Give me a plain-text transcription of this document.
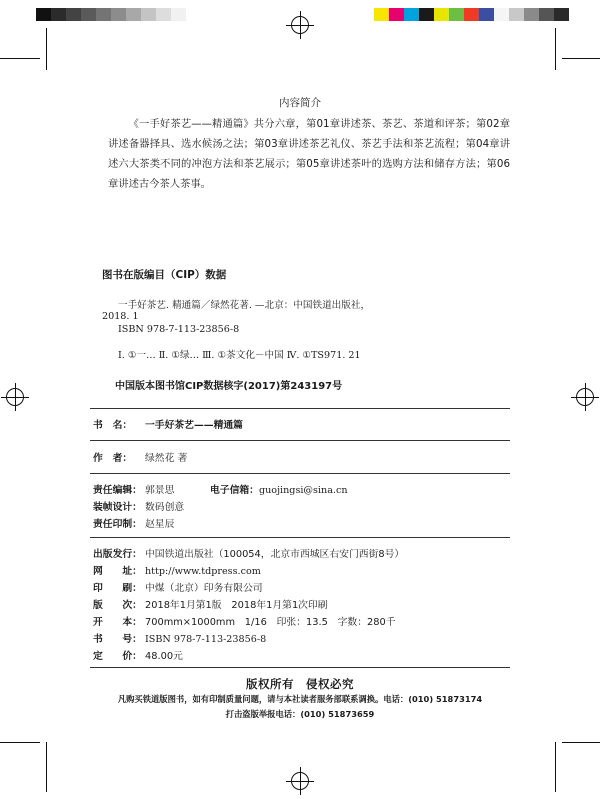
内容简介
《一手好茶艺——精通篇》共分六章，第01章讲述茶、茶艺、茶道和评茶；第02章讲述备器择具、选水候汤之法；第03章讲述茶艺礼仪、茶艺手法和茶艺流程；第04章讲述六大茶类不同的冲泡方法和茶艺展示；第05章讲述茶叶的选购方法和储存方法；第06章讲述古今茶人茶事。
图书在版编目（CIP）数据
一手好茶艺. 精通篇／绿然花著. —北京：中国铁道出版社，
2018. 1
ISBN 978-7-113-23856-8
Ⅰ. ①一… Ⅱ. ①绿… Ⅲ. ①茶文化－中国 Ⅳ. ①TS971. 21
中国版本图书馆CIP数据核字(2017)第243197号
书　名： 一手好茶艺——精通篇
作　者： 绿然花 著
责任编辑： 郭景思	电子信箱：guojingsi@sina.cn
装帧设计： 数码创意
责任印制： 赵星辰
出版发行： 中国铁道出版社（100054，北京市西城区右安门西街8号）
网　　址： http://www.tdpress.com
印　　刷： 中煤（北京）印务有限公司
版　　次： 2018年1月第1版　2018年1月第1次印刷
开　　本： 700mm×1000mm　1/16　印张：13.5　字数：280千
书　　号： ISBN 978-7-113-23856-8
定　　价： 48.00元
版权所有　侵权必究
凡购买铁道版图书，如有印制质量问题，请与本社读者服务部联系调换。电话：(010) 51873174
打击盗版举报电话：(010) 51873659
